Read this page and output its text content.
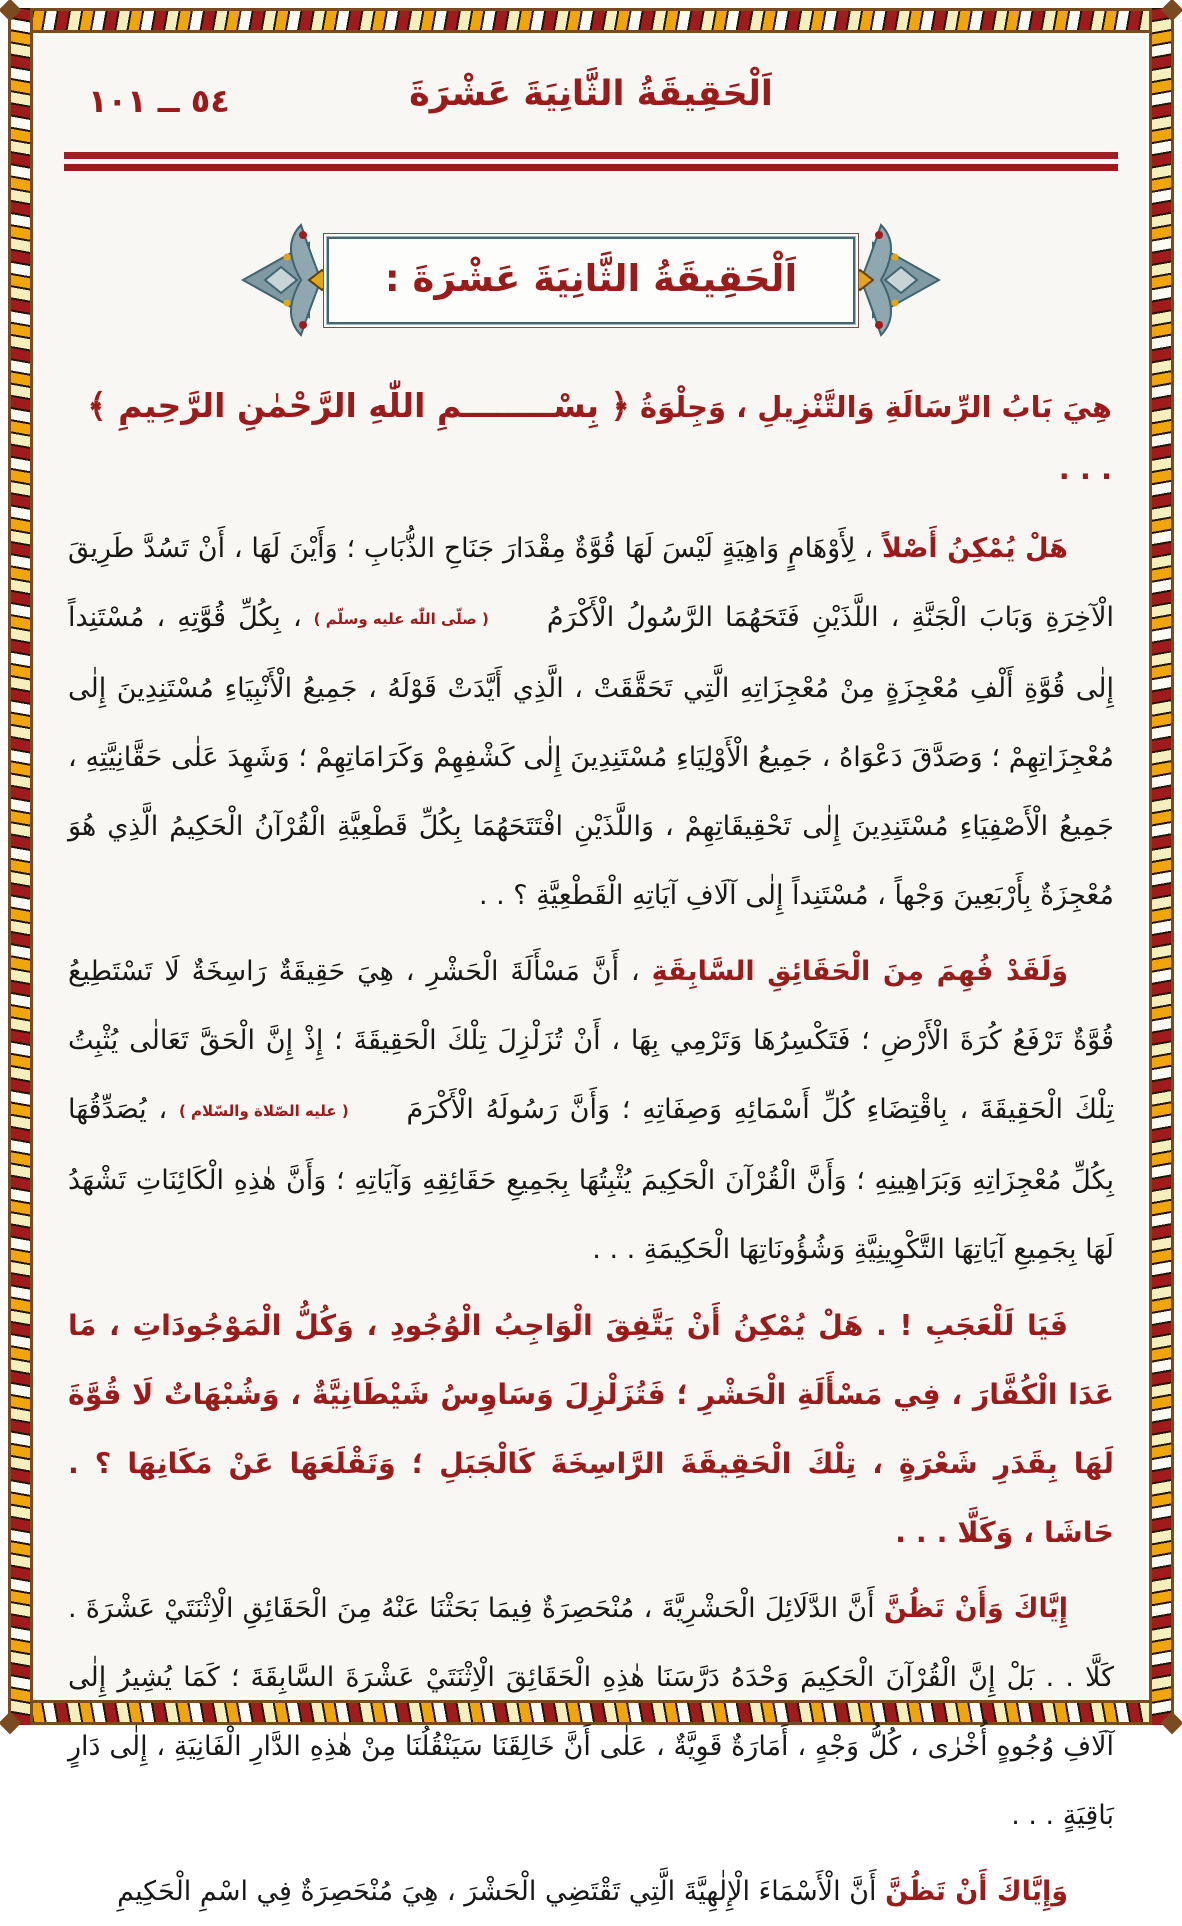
٥٤ ــ ١٠١	اَلْحَقِيقَةُ الثَّانِيَةَ عَشْرَةَ
اَلْحَقِيقَةُ الثَّانِيَةَ عَشْرَةَ :
هِيَ بَابُ الرِّسَالَةِ وَالتَّنْزِيلِ ، وَجِلْوَةُ ﴿ بِسْــــــــمِ اللّٰهِ الرَّحْمٰنِ الرَّحِيمِ ﴾ . . .

هَلْ يُمْكِنُ أَصْلاً ، لِأَوْهَامٍ وَاهِيَةٍ لَيْسَ لَهَا قُوَّةٌ مِقْدَارَ جَنَاحِ الذُّبَابِ ؛ وَأَيْنَ لَهَا ، أَنْ تَسُدَّ طَرِيقَ الْآخِرَةِ وَبَابَ الْجَنَّةِ ، اللَّذَيْنِ فَتَحَهُمَا الرَّسُولُ الْأَكْرَمُ ( صلّى اللّٰه عليه وسلّم ) ، بِكُلِّ قُوَّتِهِ ، مُسْتَنِداً إِلٰى قُوَّةِ أَلْفِ مُعْجِزَةٍ مِنْ مُعْجِزَاتِهِ الَّتِي تَحَقَّقَتْ ، الَّذِي أَيَّدَتْ قَوْلَهُ ، جَمِيعُ الْأَنْبِيَاءِ مُسْتَنِدِينَ إِلٰى مُعْجِزَاتِهِمْ ؛ وَصَدَّقَ دَعْوَاهُ ، جَمِيعُ الْأَوْلِيَاءِ مُسْتَنِدِينَ إِلٰى كَشْفِهِمْ وَكَرَامَاتِهِمْ ؛ وَشَهِدَ عَلٰى حَقَّانِيَّتِهِ ، جَمِيعُ الْأَصْفِيَاءِ مُسْتَنِدِينَ إِلٰى تَحْقِيقَاتِهِمْ ، وَاللَّذَيْنِ افْتَتَحَهُمَا بِكُلِّ قَطْعِيَّةِ الْقُرْآنُ الْحَكِيمُ الَّذِي هُوَ مُعْجِزَةٌ بِأَرْبَعِينَ وَجْهاً ، مُسْتَنِداً إِلٰى آلَافِ آيَاتِهِ الْقَطْعِيَّةِ ؟ . .

وَلَقَدْ فُهِمَ مِنَ الْحَقَائِقِ السَّابِقَةِ ، أَنَّ مَسْأَلَةَ الْحَشْرِ ، هِيَ حَقِيقَةٌ رَاسِخَةٌ لَا تَسْتَطِيعُ قُوَّةٌ تَرْفَعُ كُرَةَ الْأَرْضِ ؛ فَتَكْسِرُهَا وَتَرْمِي بِهَا ، أَنْ تُزَلْزِلَ تِلْكَ الْحَقِيقَةَ ؛ إِذْ إِنَّ الْحَقَّ تَعَالٰى يُثْبِتُ تِلْكَ الْحَقِيقَةَ ، بِاقْتِضَاءِ كُلِّ أَسْمَائِهِ وَصِفَاتِهِ ؛ وَأَنَّ رَسُولَهُ الْأَكْرَمَ ( عليه الصّلاة والسّلام ) ، يُصَدِّقُهَا بِكُلِّ مُعْجِزَاتِهِ وَبَرَاهِينِهِ ؛ وَأَنَّ الْقُرْآنَ الْحَكِيمَ يُثْبِتُهَا بِجَمِيعِ حَقَائِقِهِ وَآيَاتِهِ ؛ وَأَنَّ هٰذِهِ الْكَائِنَاتِ تَشْهَدُ لَهَا بِجَمِيعِ آيَاتِهَا التَّكْوِينِيَّةِ وَشُؤُونَاتِهَا الْحَكِيمَةِ . . .

فَيَا لَلْعَجَبِ ! . هَلْ يُمْكِنُ أَنْ يَتَّفِقَ الْوَاجِبُ الْوُجُودِ ، وَكُلُّ الْمَوْجُودَاتِ ، مَا عَدَا الْكُفَّارَ ، فِي مَسْأَلَةِ الْحَشْرِ ؛ فَتُزَلْزِلَ وَسَاوِسُ شَيْطَانِيَّةٌ ، وَشُبْهَاتٌ لَا قُوَّةَ لَهَا بِقَدَرِ شَعْرَةٍ ، تِلْكَ الْحَقِيقَةَ الرَّاسِخَةَ كَالْجَبَلِ ؛ وَتَقْلَعَهَا عَنْ مَكَانِهَا ؟ . حَاشَا ، وَكَلَّا . . .

إِيَّاكَ وَأَنْ تَظُنَّ أَنَّ الدَّلَائِلَ الْحَشْرِيَّةَ ، مُنْحَصِرَةٌ فِيمَا بَحَثْنَا عَنْهُ مِنَ الْحَقَائِقِ الْاِثْنَتَيْ عَشْرَةَ . كَلَّا . . بَلْ إِنَّ الْقُرْآنَ الْحَكِيمَ وَحْدَهُ دَرَّسَنَا هٰذِهِ الْحَقَائِقَ الْاِثْنَتَيْ عَشْرَةَ السَّابِقَةَ ؛ كَمَا يُشِيرُ إِلٰى آلَافِ وُجُوهٍ أُخْرٰى ، كُلُّ وَجْهٍ ، أَمَارَةٌ قَوِيَّةٌ ، عَلٰى أَنَّ خَالِقَنَا سَيَنْقُلُنَا مِنْ هٰذِهِ الدَّارِ الْفَانِيَةِ ، إِلٰى دَارٍ بَاقِيَةٍ . . .

وَإِيَّاكَ أَنْ تَظُنَّ أَنَّ الْأَسْمَاءَ الْإِلٰهِيَّةَ الَّتِي تَقْتَضِي الْحَشْرَ ، هِيَ مُنْحَصِرَةٌ فِي اسْمِ الْحَكِيمِ
